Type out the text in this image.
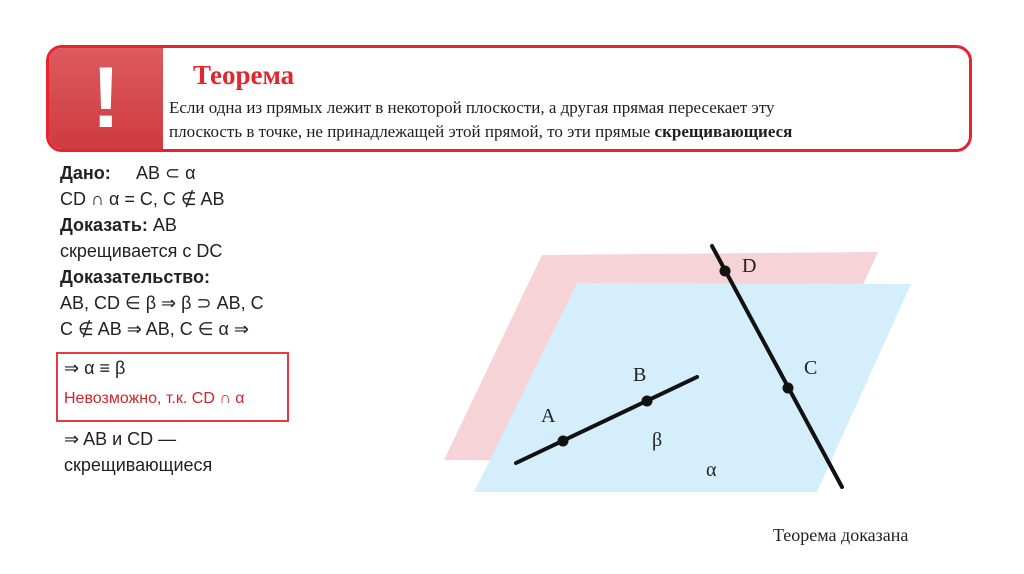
!	Теорема
Если одна из прямых лежит в некоторой плоскости, а другая прямая пересекает эту
плоскость в точке, не принадлежащей этой прямой, то эти прямые скрещивающиеся
Дано: AB ⊂ α
CD ∩ α = C, C ∉ AB
Доказать: AB
скрещивается с DC
Доказательство:
AB, CD ∈ β ⇒ β ⊃ AB, C
C ∉ AB ⇒ AB, C ∈ α ⇒
⇒ α ≡ β
Невозможно, т.к. CD ∩ α
⇒ AB и CD —
скрещивающиеся
Теорема доказана
D
C
B
A
β
α
